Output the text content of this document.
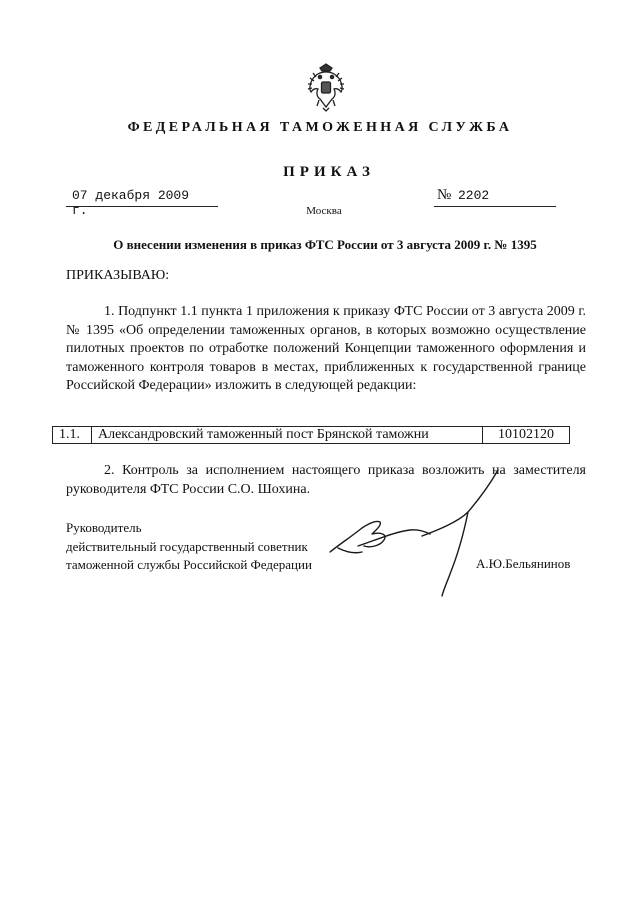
ФЕДЕРАЛЬНАЯ ТАМОЖЕННАЯ СЛУЖБА
ПРИКАЗ
07 декабря 2009 г.
№ 2202
Москва
О внесении изменения в приказ ФТС России от 3 августа 2009 г. № 1395
ПРИКАЗЫВАЮ:

1. Подпункт 1.1 пункта 1 приложения к приказу ФТС России от 3 августа 2009 г. № 1395 «Об определении таможенных органов, в которых возможно осуществление пилотных проектов по отработке положений Концепции таможенного оформления и таможенного контроля товаров в местах, приближенных к государственной границе Российской Федерации» изложить в следующей редакции:

1.1.	Александровский таможенный пост Брянской таможни	10102120

2. Контроль за исполнением настоящего приказа возложить на заместителя руководителя ФТС России С.О. Шохина.

Руководитель
действительный государственный советник
таможенной службы Российской Федерации	А.Ю.Бельянинов
